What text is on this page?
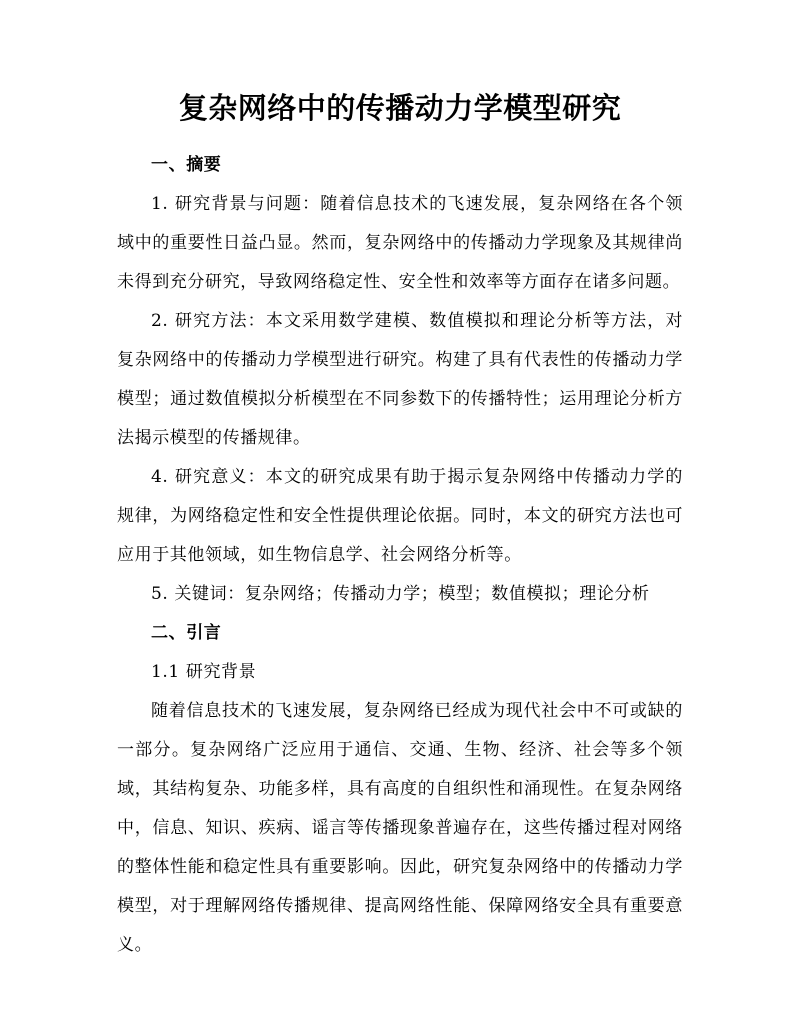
复杂网络中的传播动力学模型研究
一、摘要

1. 研究背景与问题：随着信息技术的飞速发展，复杂网络在各个领域中的重要性日益凸显。然而，复杂网络中的传播动力学现象及其规律尚未得到充分研究，导致网络稳定性、安全性和效率等方面存在诸多问题。

2. 研究方法：本文采用数学建模、数值模拟和理论分析等方法，对复杂网络中的传播动力学模型进行研究。构建了具有代表性的传播动力学模型；通过数值模拟分析模型在不同参数下的传播特性；运用理论分析方法揭示模型的传播规律。

4. 研究意义：本文的研究成果有助于揭示复杂网络中传播动力学的规律，为网络稳定性和安全性提供理论依据。同时，本文的研究方法也可应用于其他领域，如生物信息学、社会网络分析等。

5. 关键词：复杂网络；传播动力学；模型；数值模拟；理论分析

二、引言

1.1 研究背景

随着信息技术的飞速发展，复杂网络已经成为现代社会中不可或缺的一部分。复杂网络广泛应用于通信、交通、生物、经济、社会等多个领域，其结构复杂、功能多样，具有高度的自组织性和涌现性。在复杂网络中，信息、知识、疾病、谣言等传播现象普遍存在，这些传播过程对网络的整体性能和稳定性具有重要影响。因此，研究复杂网络中的传播动力学模型，对于理解网络传播规律、提高网络性能、保障网络安全具有重要意义。
